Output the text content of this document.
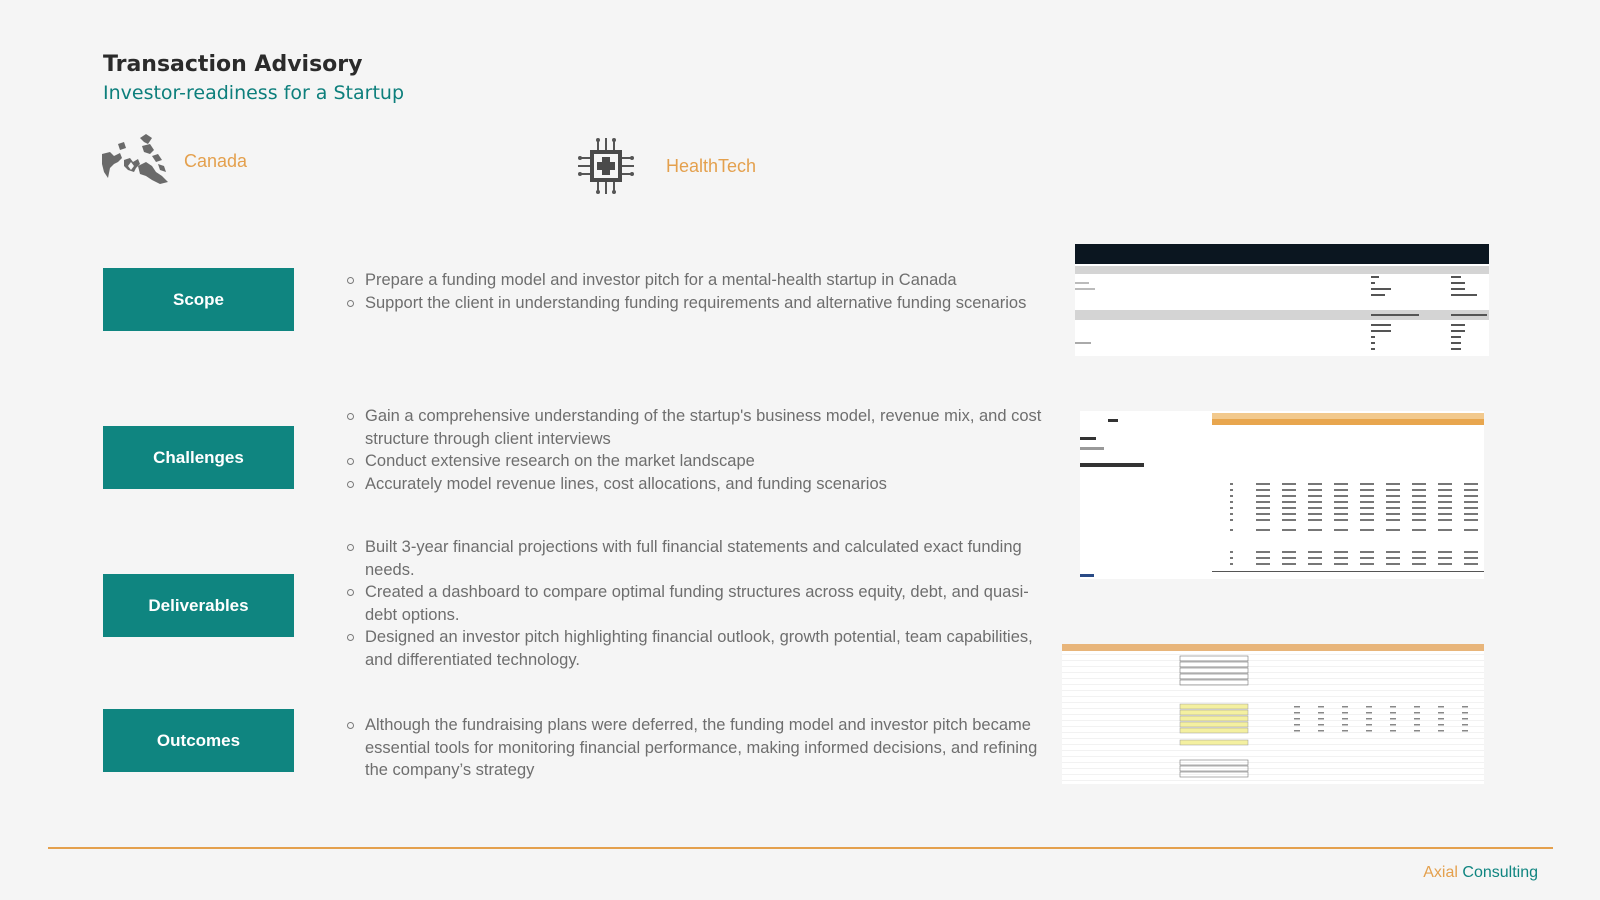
Transaction Advisory
Investor-readiness for a Startup
Canada	HealthTech
Scope
Prepare a funding model and investor pitch for a mental-health startup in Canada
Support the client in understanding funding requirements and alternative funding scenarios
Challenges
Gain a comprehensive understanding of the startup's business model, revenue mix, and cost structure through client interviews
Conduct extensive research on the market landscape
Accurately model revenue lines, cost allocations, and funding scenarios
Deliverables
Built 3-year financial projections with full financial statements and calculated exact funding needs.
Created a dashboard to compare optimal funding structures across equity, debt, and quasi-debt options.
Designed an investor pitch highlighting financial outlook, growth potential, team capabilities, and differentiated technology.
Outcomes
Although the fundraising plans were deferred, the funding model and investor pitch became essential tools for monitoring financial performance, making informed decisions, and refining the company’s strategy
Axial Consulting
